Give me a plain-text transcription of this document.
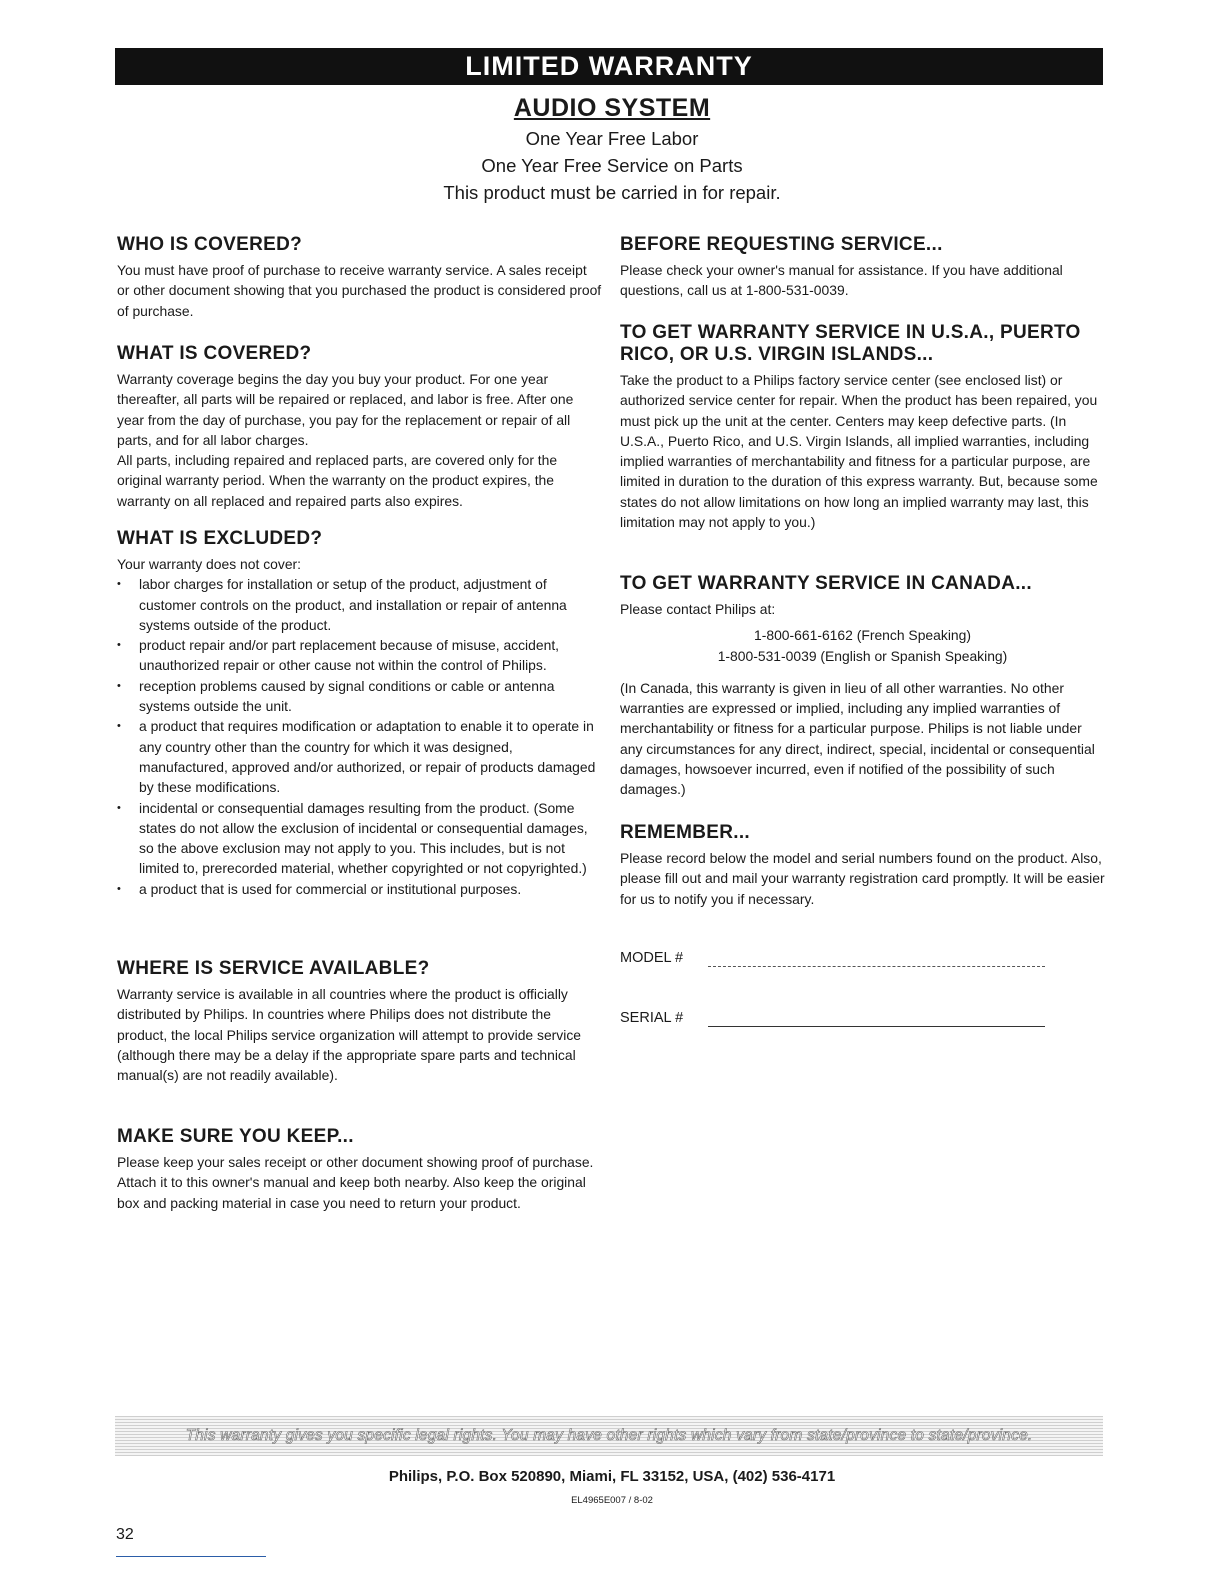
LIMITED WARRANTY
AUDIO SYSTEM
One Year Free Labor
One Year Free Service on Parts
This product must be carried in for repair.
WHO IS COVERED?

You must have proof of purchase to receive warranty service. A sales receipt or other document showing that you purchased the product is considered proof of purchase.

WHAT IS COVERED?

Warranty coverage begins the day you buy your product. For one year thereafter, all parts will be repaired or replaced, and labor is free. After one year from the day of purchase, you pay for the replacement or repair of all parts, and for all labor charges.

All parts, including repaired and replaced parts, are covered only for the original warranty period. When the warranty on the product expires, the warranty on all replaced and repaired parts also expires.

WHAT IS EXCLUDED?

Your warranty does not cover:

• labor charges for installation or setup of the product, adjustment of customer controls on the product, and installation or repair of antenna systems outside of the product.
• product repair and/or part replacement because of misuse, accident, unauthorized repair or other cause not within the control of Philips.
• reception problems caused by signal conditions or cable or antenna systems outside the unit.
• a product that requires modification or adaptation to enable it to operate in any country other than the country for which it was designed, manufactured, approved and/or authorized, or repair of products damaged by these modifications.
• incidental or consequential damages resulting from the product. (Some states do not allow the exclusion of incidental or consequential damages, so the above exclusion may not apply to you. This includes, but is not limited to, prerecorded material, whether copyrighted or not copyrighted.)
• a product that is used for commercial or institutional purposes.
WHERE IS SERVICE AVAILABLE?

Warranty service is available in all countries where the product is officially distributed by Philips. In countries where Philips does not distribute the product, the local Philips service organization will attempt to provide service (although there may be a delay if the appropriate spare parts and technical manual(s) are not readily available).

MAKE SURE YOU KEEP...

Please keep your sales receipt or other document showing proof of purchase. Attach it to this owner's manual and keep both nearby. Also keep the original box and packing material in case you need to return your product.

BEFORE REQUESTING SERVICE...

Please check your owner's manual for assistance. If you have additional questions, call us at 1-800-531-0039.

TO GET WARRANTY SERVICE IN U.S.A., PUERTO RICO, OR U.S. VIRGIN ISLANDS...

Take the product to a Philips factory service center (see enclosed list) or authorized service center for repair. When the product has been repaired, you must pick up the unit at the center. Centers may keep defective parts. (In U.S.A., Puerto Rico, and U.S. Virgin Islands, all implied warranties, including implied warranties of merchantability and fitness for a particular purpose, are limited in duration to the duration of this express warranty. But, because some states do not allow limitations on how long an implied warranty may last, this limitation may not apply to you.)

TO GET WARRANTY SERVICE IN CANADA...

Please contact Philips at:

1-800-661-6162 (French Speaking)

1-800-531-0039 (English or Spanish Speaking)

(In Canada, this warranty is given in lieu of all other warranties. No other warranties are expressed or implied, including any implied warranties of merchantability or fitness for a particular purpose. Philips is not liable under any circumstances for any direct, indirect, special, incidental or consequential damages, howsoever incurred, even if notified of the possibility of such damages.)

REMEMBER...

Please record below the model and serial numbers found on the product. Also, please fill out and mail your warranty registration card promptly. It will be easier for us to notify you if necessary.

MODEL #
SERIAL #
This warranty gives you specific legal rights. You may have other rights which vary from state/province to state/province.
Philips, P.O. Box 520890, Miami, FL 33152, USA, (402) 536-4171
EL4965E007 / 8-02
32
